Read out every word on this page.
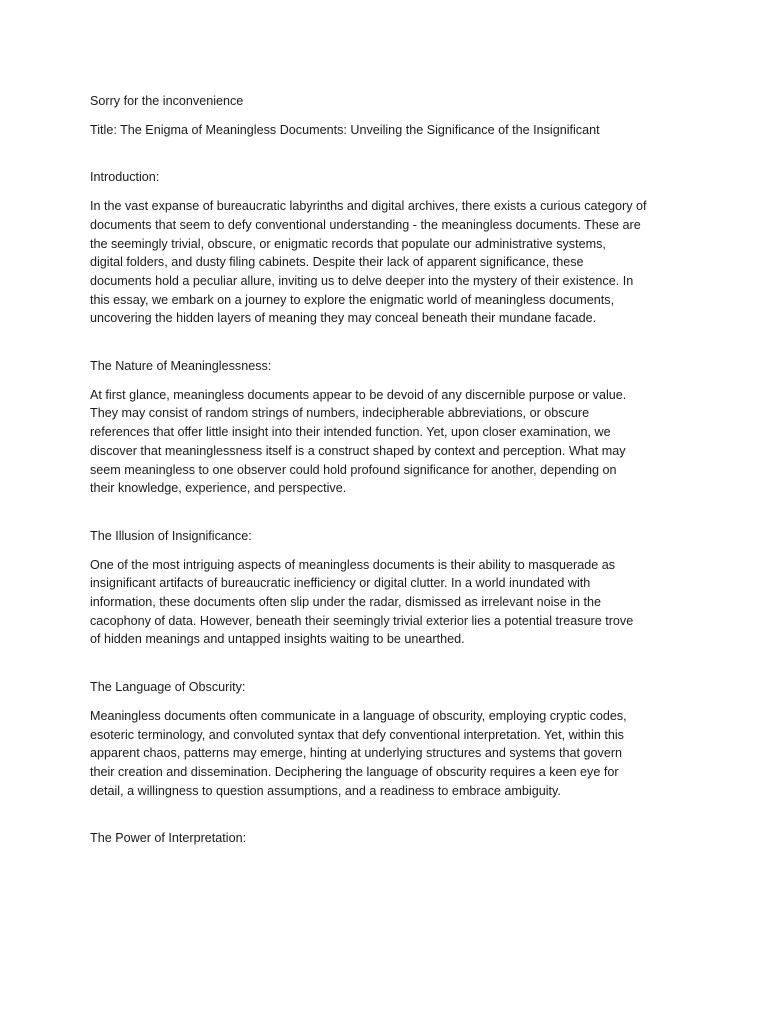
Sorry for the inconvenience

Title: The Enigma of Meaningless Documents: Unveiling the Significance of the Insignificant

Introduction:

In the vast expanse of bureaucratic labyrinths and digital archives, there exists a curious category of
documents that seem to defy conventional understanding - the meaningless documents. These are
the seemingly trivial, obscure, or enigmatic records that populate our administrative systems,
digital folders, and dusty filing cabinets. Despite their lack of apparent significance, these
documents hold a peculiar allure, inviting us to delve deeper into the mystery of their existence. In
this essay, we embark on a journey to explore the enigmatic world of meaningless documents,
uncovering the hidden layers of meaning they may conceal beneath their mundane facade.

The Nature of Meaninglessness:

At first glance, meaningless documents appear to be devoid of any discernible purpose or value.
They may consist of random strings of numbers, indecipherable abbreviations, or obscure
references that offer little insight into their intended function. Yet, upon closer examination, we
discover that meaninglessness itself is a construct shaped by context and perception. What may
seem meaningless to one observer could hold profound significance for another, depending on
their knowledge, experience, and perspective.

The Illusion of Insignificance:

One of the most intriguing aspects of meaningless documents is their ability to masquerade as
insignificant artifacts of bureaucratic inefficiency or digital clutter. In a world inundated with
information, these documents often slip under the radar, dismissed as irrelevant noise in the
cacophony of data. However, beneath their seemingly trivial exterior lies a potential treasure trove
of hidden meanings and untapped insights waiting to be unearthed.

The Language of Obscurity:

Meaningless documents often communicate in a language of obscurity, employing cryptic codes,
esoteric terminology, and convoluted syntax that defy conventional interpretation. Yet, within this
apparent chaos, patterns may emerge, hinting at underlying structures and systems that govern
their creation and dissemination. Deciphering the language of obscurity requires a keen eye for
detail, a willingness to question assumptions, and a readiness to embrace ambiguity.

The Power of Interpretation:
